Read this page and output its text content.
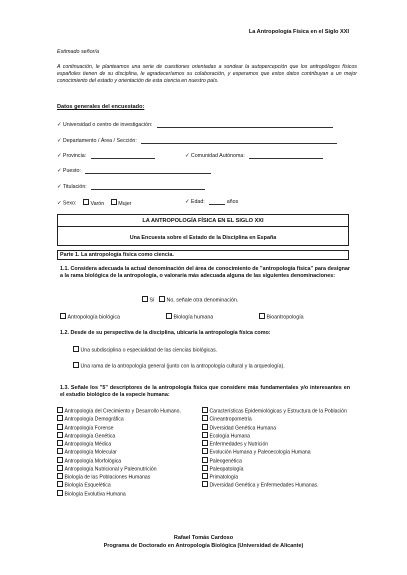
La Antropología Física en el Siglo XXI
Estimado señor/a
A continuación, le planteamos una serie de cuestiones orientadas a sondear la autopercepción que los antropólogos físicos españoles tienen de su disciplina, le agradeceríamos su colaboración, y esperamos que estos datos contribuyan a un mejor conocimiento del estado y orientación de esta ciencia en nuestro país.
Datos generales del encuestado:
✓ Universidad o centro de investigación:
✓ Departamento / Área / Sección:
✓ Provincia:	✓ Comunidad Autónoma:
✓ Puesto:
✓ Titulación:
✓ Sexo:	Varón	Mujer	✓ Edad:	años
LA ANTROPOLOGÍA FÍSICA EN EL SIGLO XXI
Una Encuesta sobre el Estado de la Disciplina en España
Parte 1. La antropología física como ciencia.
1.1. Considera adecuada la actual denominación del área de conocimiento de "antropología física" para designar a la rama biológica de la antropología, o valoraría más adecuada alguna de las siguientes denominaciones:
Sí No, señale otra denominación.
Antropología biológica	Biología humana	Bioantropología
1.2. Desde de su perspectiva de la disciplina, ubicaría la antropología física como:
Una subdisciplina o especialidad de las ciencias biológicas.
Una rama de la antropología general (junto con la antropología cultural y la arqueología).
1.3. Señale los "5" descriptores de la antropología física que considere más fundamentales y/o interesantes en el estudio biológico de la especie humana:
Antropología del Crecimiento y Desarrollo Humano.
Antropología Demográfica
Antropología Forense
Antropología Genética
Antropología Médica
Antropología Molecular
Antropología Morfológica
Antropología Nutricional y Paleonutrición
Biología de las Poblaciones Humanas
Biología Esquelética
Biología Evolutiva Humana
Características Epidemiológicas y Estructura de la Población
Cineantropometría
Diversidad Genética Humana
Ecología Humana
Enfermedades y Nutrición
Evolución Humana y Paleoecología Humana
Paleogenética
Paleopatología
Primatología
Diversidad Genética y Enfermedades Humanas.
Rafael Tomás Cardoso
Programa de Doctorado en Antropología Biológica (Universidad de Alicante)
